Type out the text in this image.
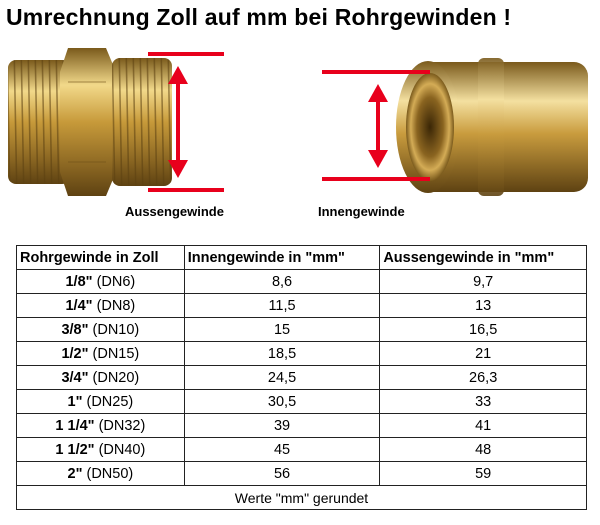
Umrechnung Zoll auf mm bei Rohrgewinden !
Aussengewinde	Innengewinde
Rohrgewinde in Zoll	Innengewinde in "mm"	Aussengewinde in "mm"
1/8" (DN6)	8,6	9,7
1/4" (DN8)	11,5	13
3/8" (DN10)	15	16,5
1/2" (DN15)	18,5	21
3/4" (DN20)	24,5	26,3
1" (DN25)	30,5	33
1 1/4" (DN32)	39	41
1 1/2" (DN40)	45	48
2" (DN50)	56	59
Werte "mm" gerundet		
